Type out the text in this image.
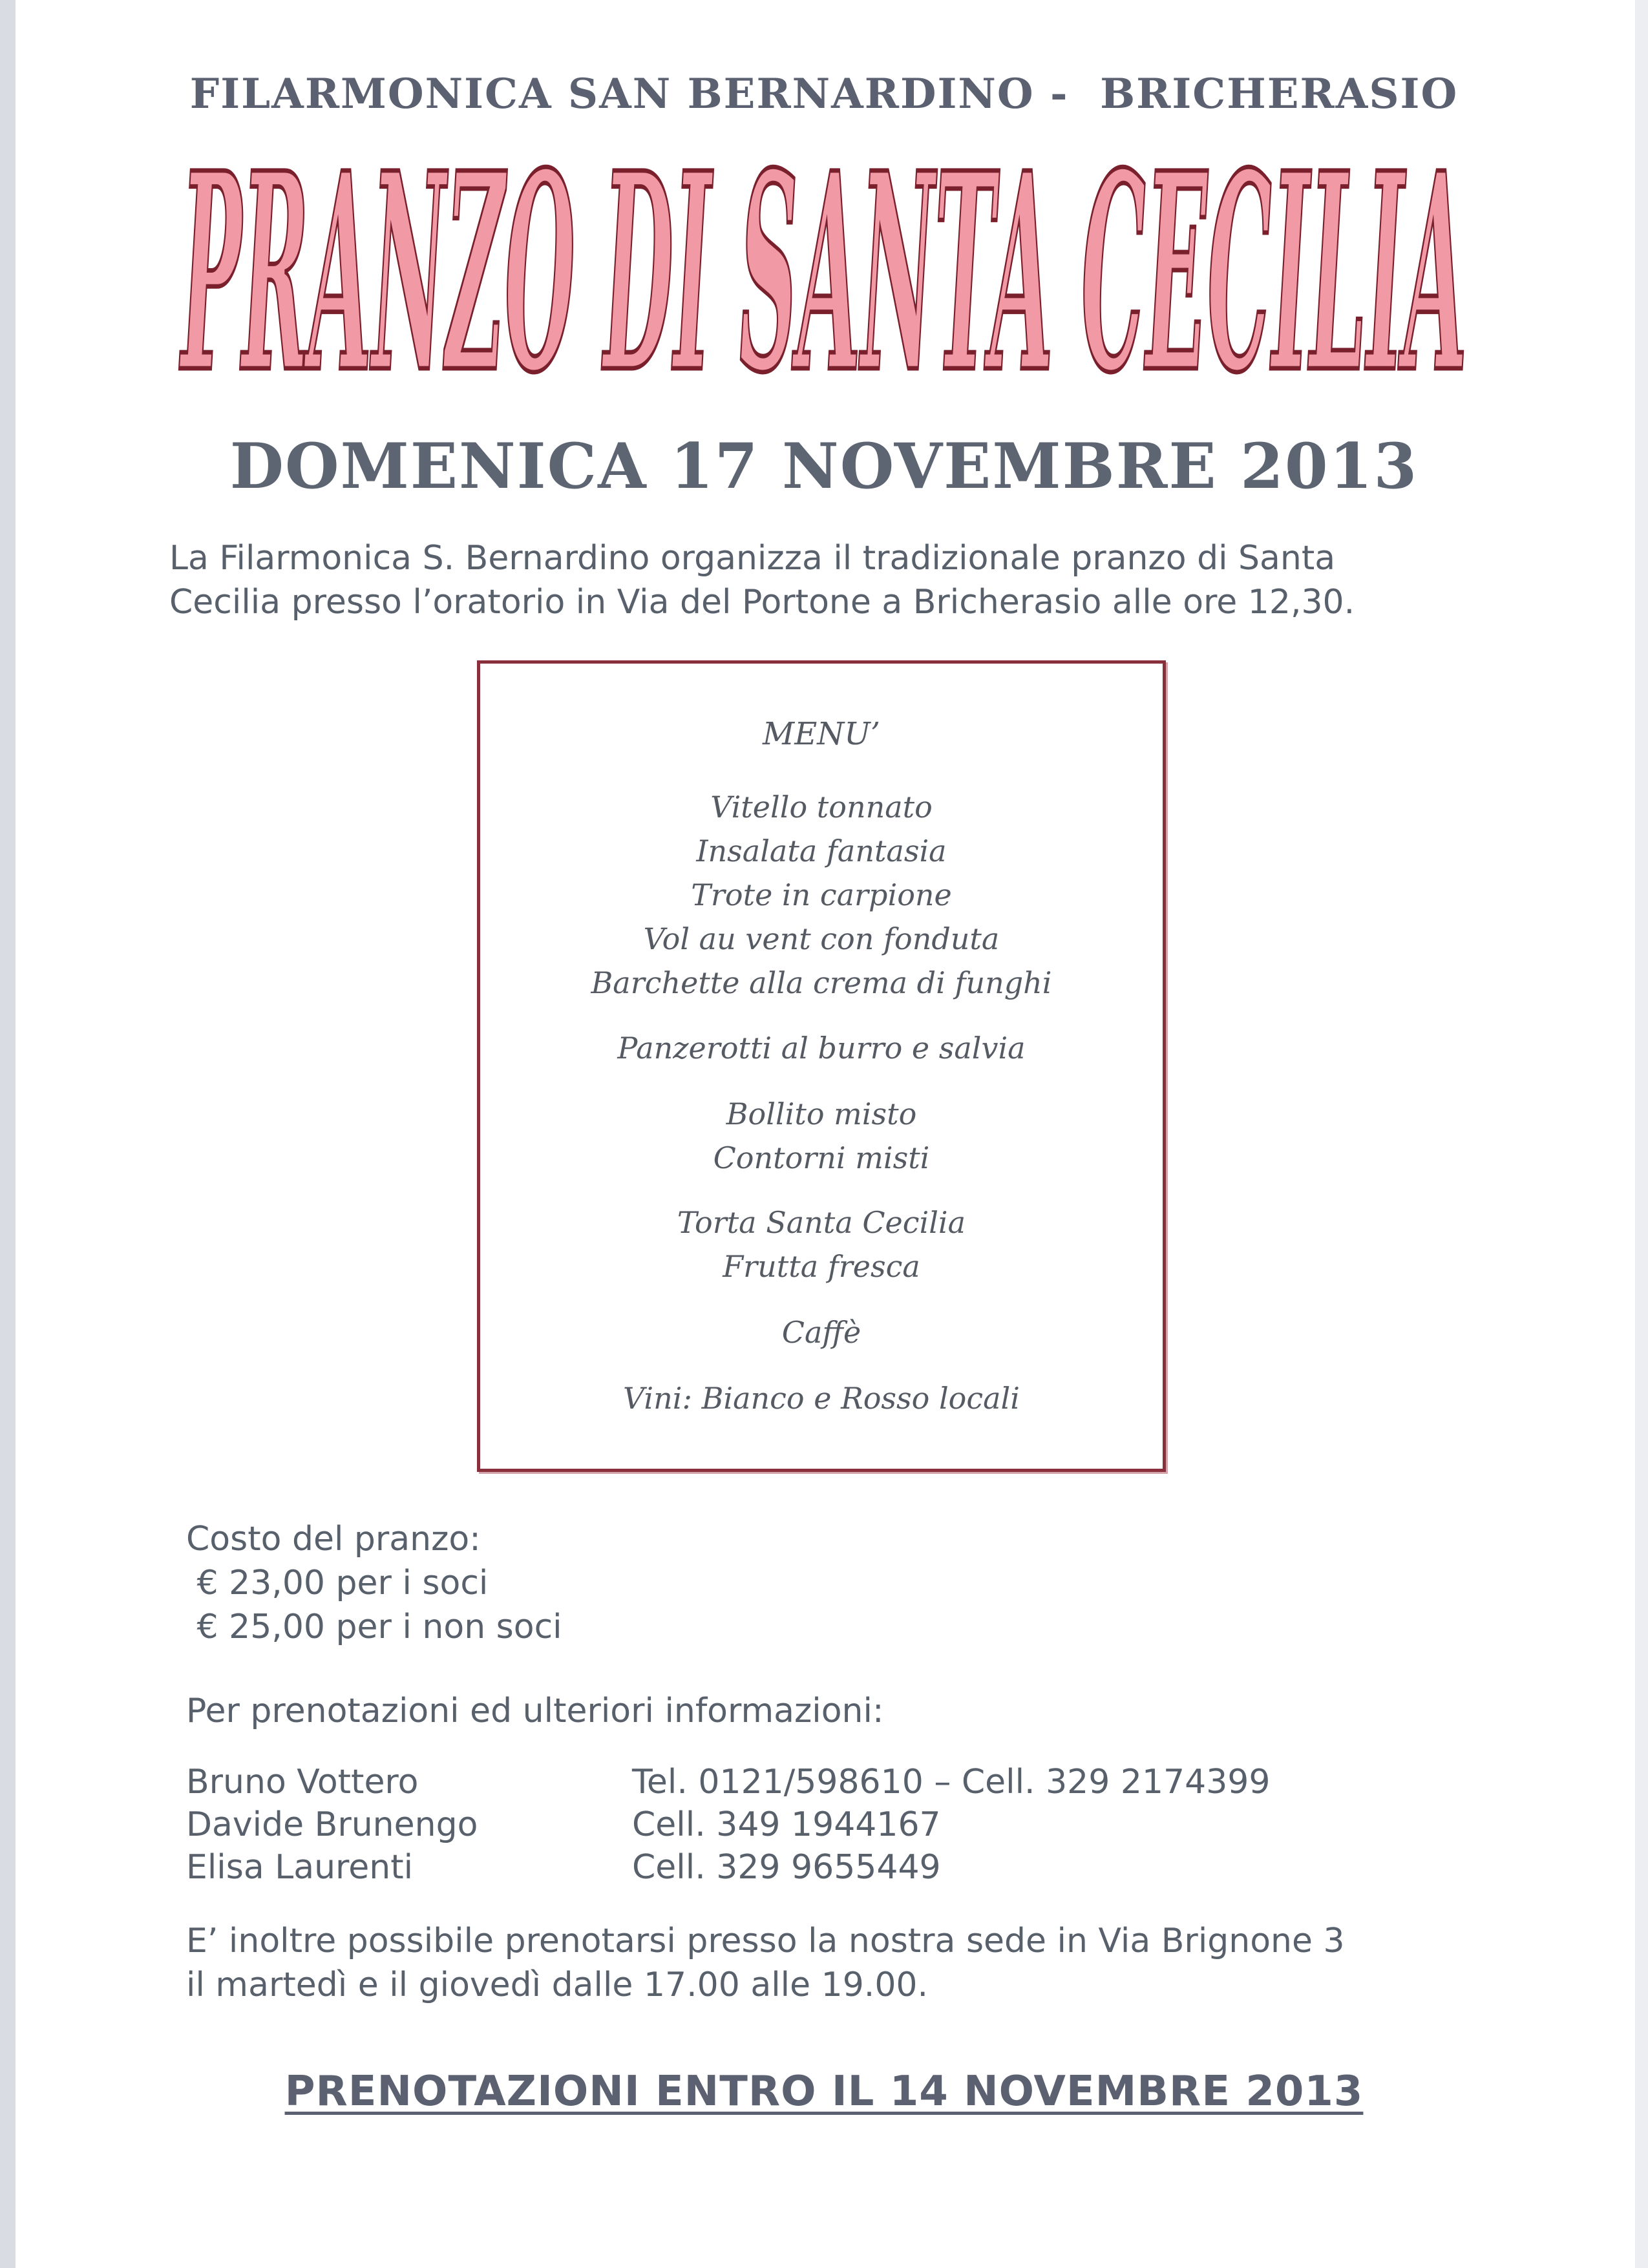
FILARMONICA SAN BERNARDINO -  BRICHERASIO
PRANZO DI SANTA CECILIA
DOMENICA 17 NOVEMBRE 2013
La Filarmonica S. Bernardino organizza il tradizionale pranzo di Santa
Cecilia presso l’oratorio in Via del Portone a Bricherasio alle ore 12,30.
MENU’
Vitello tonnato
Insalata fantasia
Trote in carpione
Vol au vent con fonduta
Barchette alla crema di funghi
Panzerotti al burro e salvia
Bollito misto
Contorni misti
Torta Santa Cecilia
Frutta fresca
Caffè
Vini: Bianco e Rosso locali
Costo del pranzo:
€ 23,00 per i soci
€ 25,00 per i non soci
Per prenotazioni ed ulteriori informazioni:
Bruno Vottero	Tel. 0121/598610 – Cell. 329 2174399
Davide Brunengo	Cell. 349 1944167
Elisa Laurenti	Cell. 329 9655449
E’ inoltre possibile prenotarsi presso la nostra sede in Via Brignone 3
il martedì e il giovedì dalle 17.00 alle 19.00.
PRENOTAZIONI ENTRO IL 14 NOVEMBRE 2013
